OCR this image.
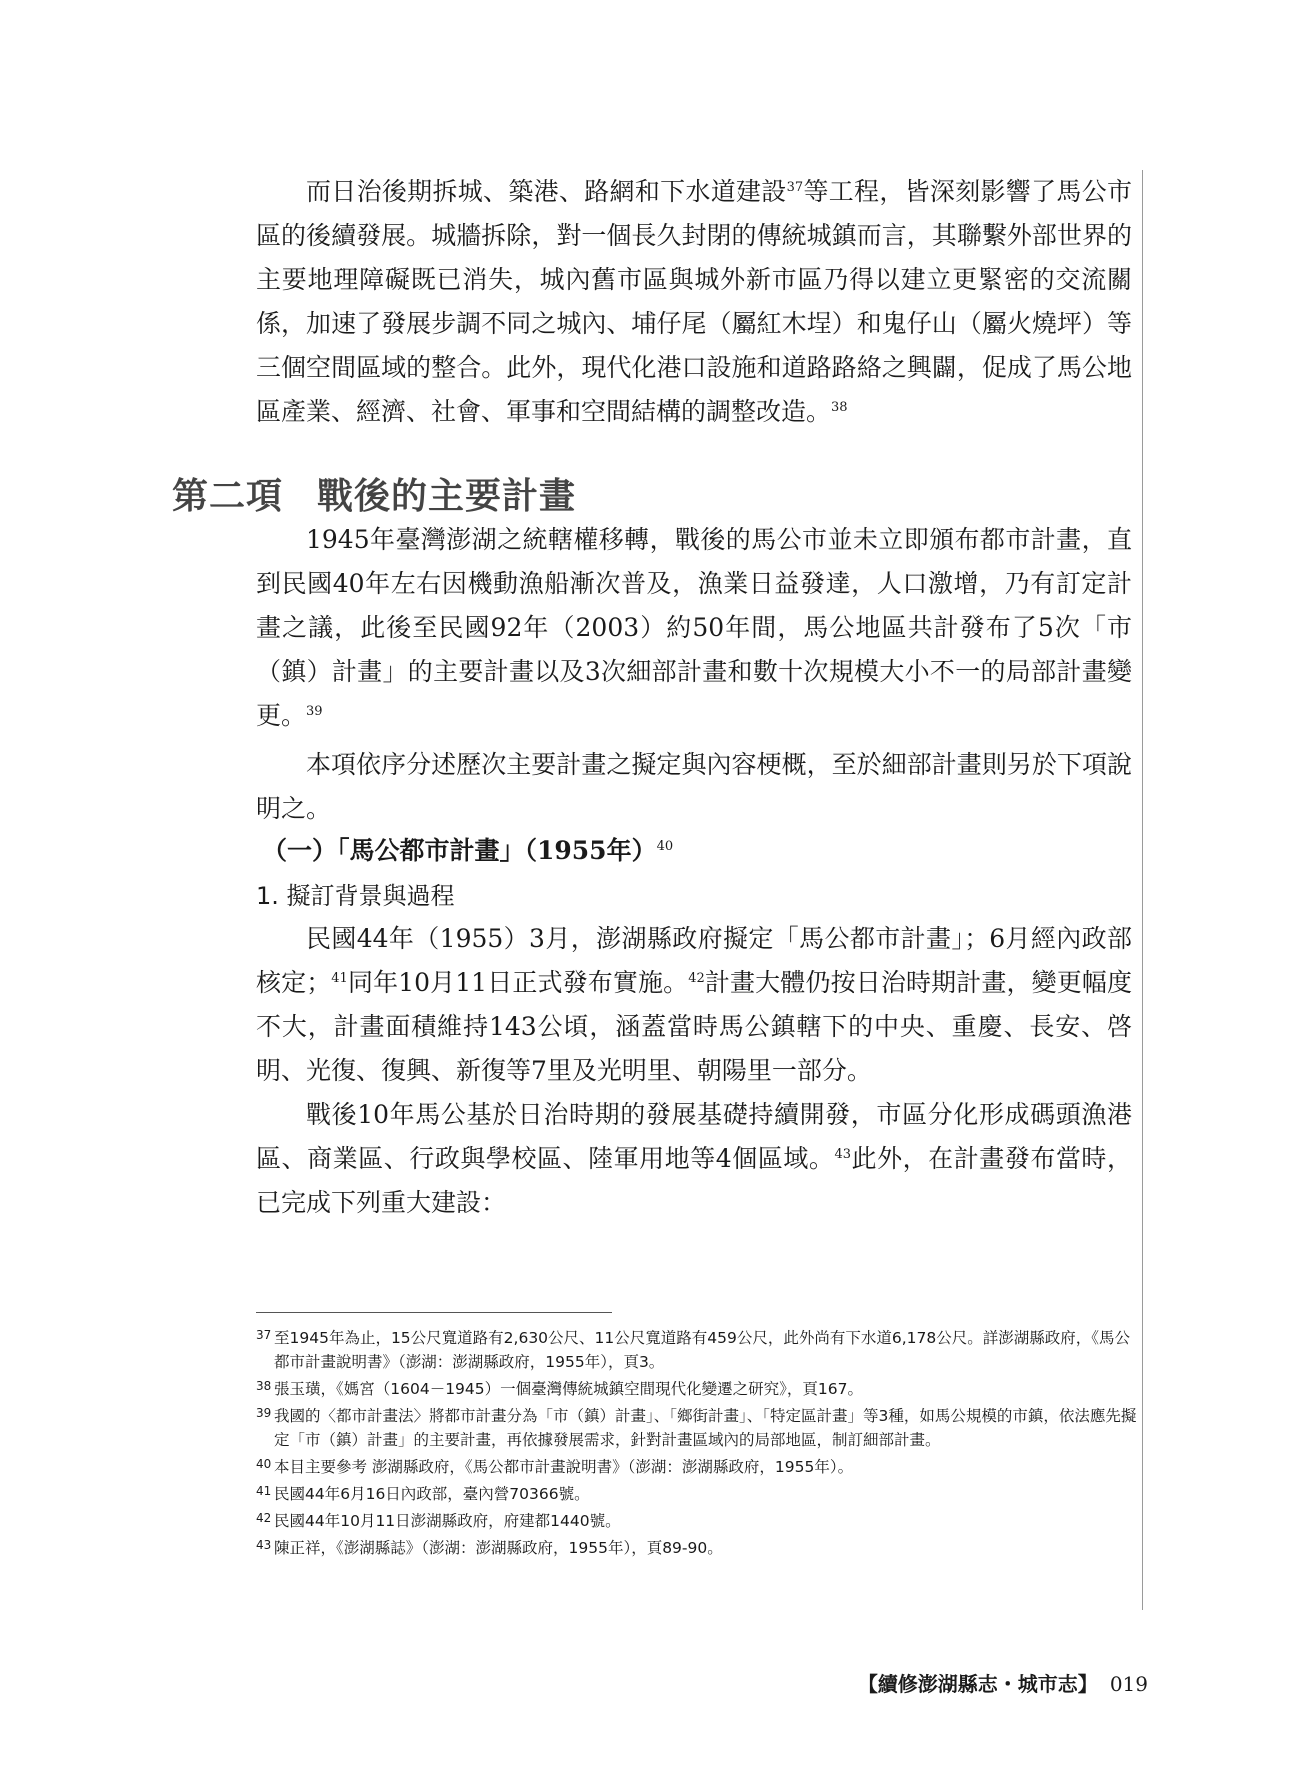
而日治後期拆城、築港、路網和下水道建設$^{37}$等工程，皆深刻影響了馬公市區的後續發展。城牆拆除，對一個長久封閉的傳統城鎮而言，其聯繫外部世界的主要地理障礙既已消失，城內舊市區與城外新市區乃得以建立更緊密的交流關係，加速了發展步調不同之城內、埔仔尾（屬紅木埕）和鬼仔山（屬火燒坪）等三個空間區域的整合。此外，現代化港口設施和道路路絡之興闢，促成了馬公地區產業、經濟、社會、軍事和空間結構的調整改造。$^{38}$

第二項 戰後的主要計畫

1945年臺灣澎湖之統轄權移轉，戰後的馬公市並未立即頒布都市計畫，直到民國40年左右因機動漁船漸次普及，漁業日益發達，人口激增，乃有訂定計畫之議，此後至民國92年（2003）約50年間，馬公地區共計發布了5次「市（鎮）計畫」的主要計畫以及3次細部計畫和數十次規模大小不一的局部計畫變更。$^{39}$

本項依序分述歷次主要計畫之擬定與內容梗概，至於細部計畫則另於下項說明之。

（一）「馬公都市計畫」（1955年）$^{40}$

1. 擬訂背景與過程

民國44年（1955）3月，澎湖縣政府擬定「馬公都市計畫」；6月經內政部核定；$^{41}$同年10月11日正式發布實施。$^{42}$計畫大體仍按日治時期計畫，變更幅度不大，計畫面積維持143公頃，涵蓋當時馬公鎮轄下的中央、重慶、長安、啓明、光復、復興、新復等7里及光明里、朝陽里一部分。

戰後10年馬公基於日治時期的發展基礎持續開發，市區分化形成碼頭漁港區、商業區、行政與學校區、陸軍用地等4個區域。$^{43}$此外，在計畫發布當時，已完成下列重大建設：

37 至1945年為止，15公尺寬道路有2,630公尺、11公尺寬道路有459公尺，此外尚有下水道6,178公尺。詳澎湖縣政府，《馬公都市計畫說明書》（澎湖：澎湖縣政府，1955年），頁3。
38 張玉璜，《媽宮（1604－1945）一個臺灣傳統城鎮空間現代化變遷之研究》，頁167。
39 我國的〈都市計畫法〉將都市計畫分為「市（鎮）計畫」、「鄉街計畫」、「特定區計畫」等3種，如馬公規模的市鎮，依法應先擬定「市（鎮）計畫」的主要計畫，再依據發展需求，針對計畫區域內的局部地區，制訂細部計畫。
40 本目主要參考 澎湖縣政府，《馬公都市計畫說明書》（澎湖：澎湖縣政府，1955年）。
41 民國44年6月16日內政部，臺內營70366號。
42 民國44年10月11日澎湖縣政府，府建都1440號。
43 陳正祥，《澎湖縣誌》（澎湖：澎湖縣政府，1955年），頁89-90。
【續修澎湖縣志・城市志】 019
